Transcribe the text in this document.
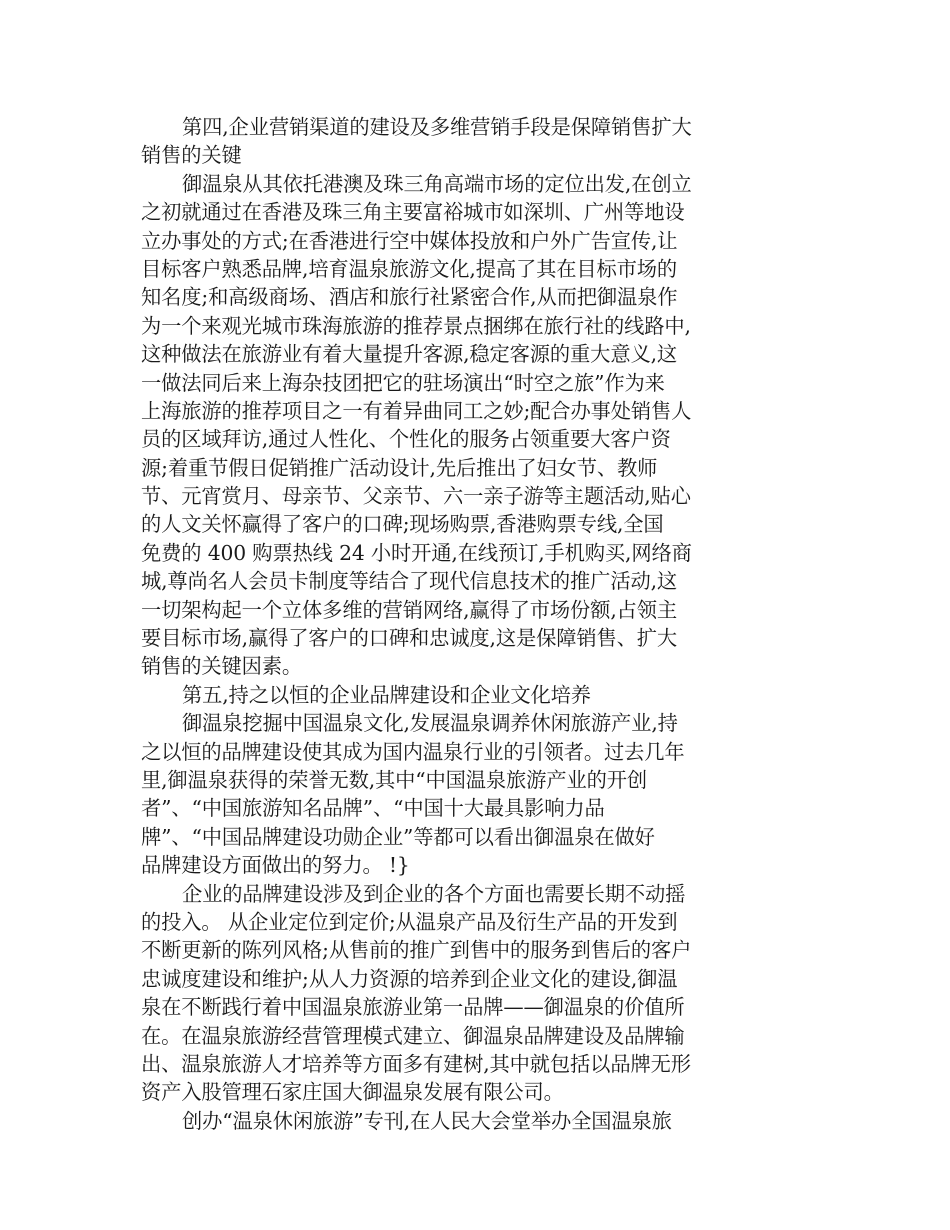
第四,企业营销渠道的建设及多维营销手段是保障销售扩大

销售的关键

御温泉从其依托港澳及珠三角高端市场的定位出发,在创立

之初就通过在香港及珠三角主要富裕城市如深圳、广州等地设

立办事处的方式;在香港进行空中媒体投放和户外广告宣传,让

目标客户熟悉品牌,培育温泉旅游文化,提高了其在目标市场的

知名度;和高级商场、酒店和旅行社紧密合作,从而把御温泉作

为一个来观光城市珠海旅游的推荐景点捆绑在旅行社的线路中,

这种做法在旅游业有着大量提升客源,稳定客源的重大意义,这

一做法同后来上海杂技团把它的驻场演出“时空之旅”作为来

上海旅游的推荐项目之一有着异曲同工之妙;配合办事处销售人

员的区域拜访,通过人性化、个性化的服务占领重要大客户资

源;着重节假日促销推广活动设计,先后推出了妇女节、教师

节、元宵赏月、母亲节、父亲节、六一亲子游等主题活动,贴心

的人文关怀赢得了客户的口碑;现场购票,香港购票专线,全国

免费的 400 购票热线 24 小时开通,在线预订,手机购买,网络商

城,尊尚名人会员卡制度等结合了现代信息技术的推广活动,这

一切架构起一个立体多维的营销网络,赢得了市场份额,占领主

要目标市场,赢得了客户的口碑和忠诚度,这是保障销售、扩大

销售的关键因素。

第五,持之以恒的企业品牌建设和企业文化培养

御温泉挖掘中国温泉文化,发展温泉调养休闲旅游产业,持

之以恒的品牌建设使其成为国内温泉行业的引领者。过去几年

里,御温泉获得的荣誉无数,其中“中国温泉旅游产业的开创

者”、“中国旅游知名品牌”、“中国十大最具影响力品

牌”、“中国品牌建设功勋企业”等都可以看出御温泉在做好

品牌建设方面做出的努力。 !}

企业的品牌建设涉及到企业的各个方面也需要长期不动摇

的投入。 从企业定位到定价;从温泉产品及衍生产品的开发到

不断更新的陈列风格;从售前的推广到售中的服务到售后的客户

忠诚度建设和维护;从人力资源的培养到企业文化的建设,御温

泉在不断践行着中国温泉旅游业第一品牌——御温泉的价值所

在。在温泉旅游经营管理模式建立、御温泉品牌建设及品牌输

出、温泉旅游人才培养等方面多有建树,其中就包括以品牌无形

资产入股管理石家庄国大御温泉发展有限公司。

创办“温泉休闲旅游”专刊,在人民大会堂举办全国温泉旅
